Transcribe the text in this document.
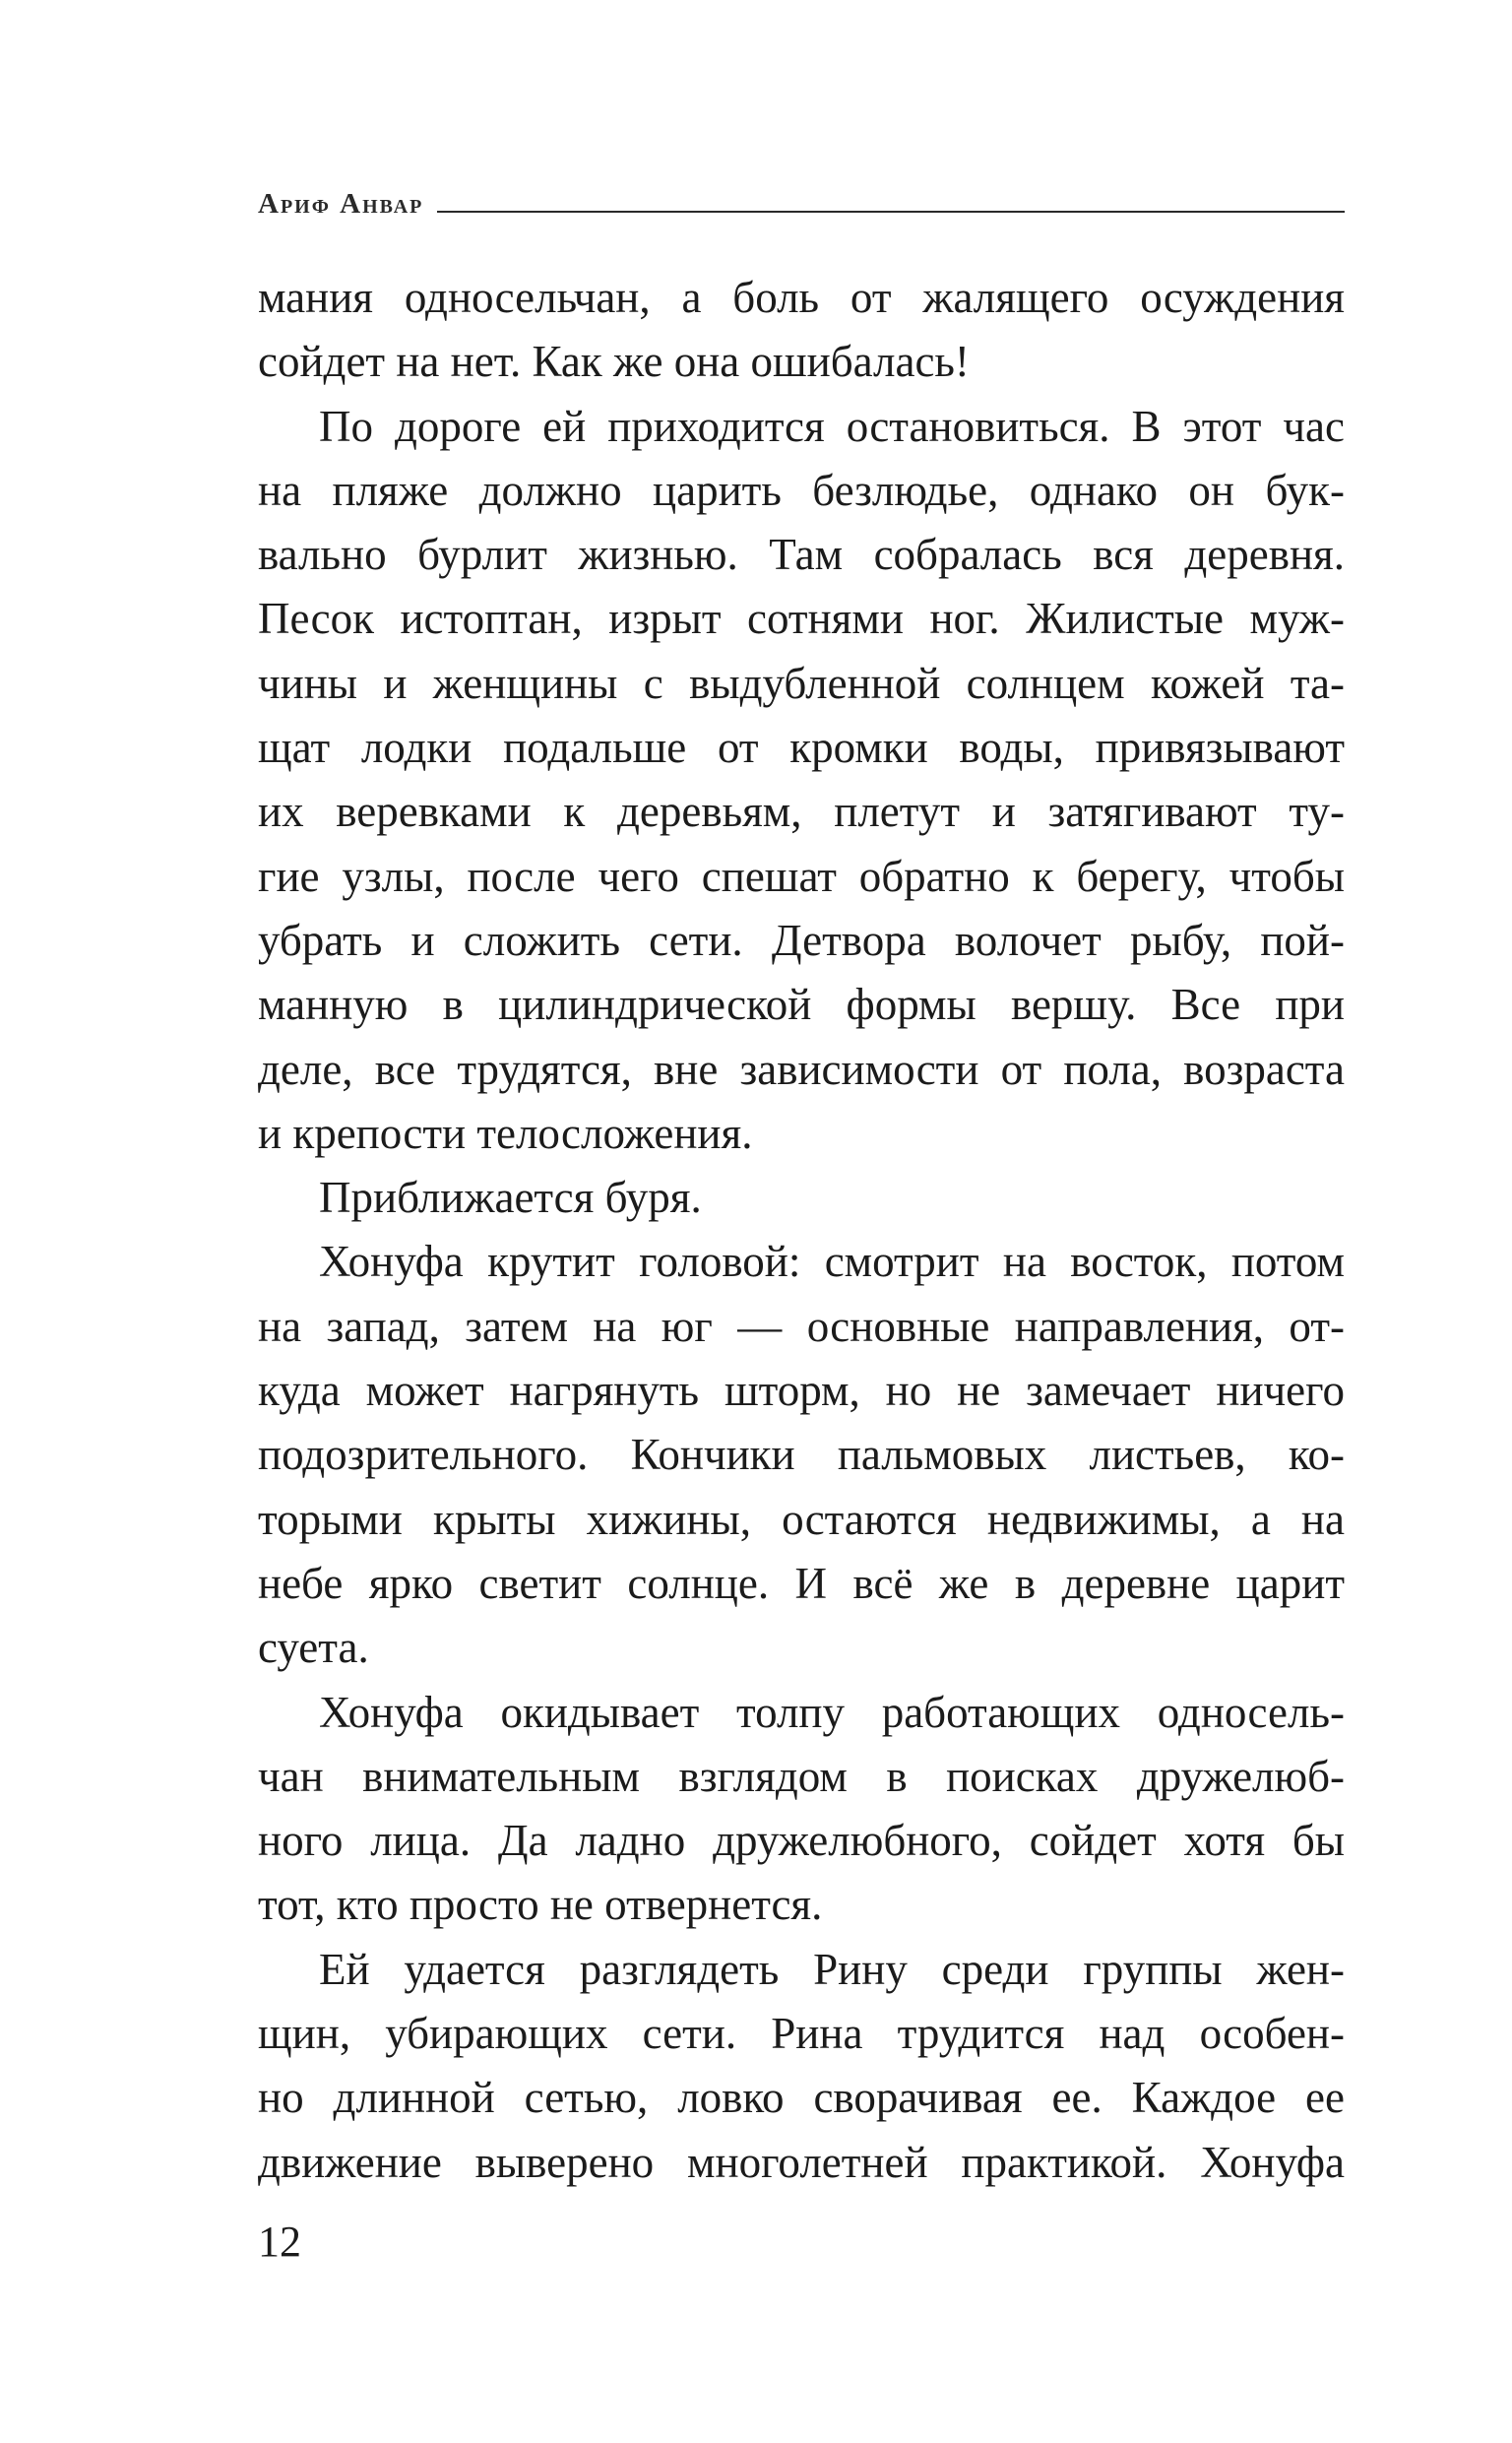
Ариф Анвар
мания односельчан, а боль от жалящего осуждения
сойдет на нет. Как же она ошибалась!
По дороге ей приходится остановиться. В этот час
на пляже должно царить безлюдье, однако он бук-
вально бурлит жизнью. Там собралась вся деревня.
Песок истоптан, изрыт сотнями ног. Жилистые муж-
чины и женщины с выдубленной солнцем кожей та-
щат лодки подальше от кромки воды, привязывают
их веревками к деревьям, плетут и затягивают ту-
гие узлы, после чего спешат обратно к берегу, чтобы
убрать и сложить сети. Детвора волочет рыбу, пой-
манную в цилиндрической формы вершу. Все при
деле, все трудятся, вне зависимости от пола, возраста
и крепости телосложения.
Приближается буря.
Хонуфа крутит головой: смотрит на восток, потом
на запад, затем на юг — основные направления, от-
куда может нагрянуть шторм, но не замечает ничего
подозрительного. Кончики пальмовых листьев, ко-
торыми крыты хижины, остаются недвижимы, а на
небе ярко светит солнце. И всё же в деревне царит
суета.
Хонуфа окидывает толпу работающих односель-
чан внимательным взглядом в поисках дружелюб-
ного лица. Да ладно дружелюбного, сойдет хотя бы
тот, кто просто не отвернется.
Ей удается разглядеть Рину среди группы жен-
щин, убирающих сети. Рина трудится над особен-
но длинной сетью, ловко сворачивая ее. Каждое ее
движение выверено многолетней практикой. Хонуфа
12
